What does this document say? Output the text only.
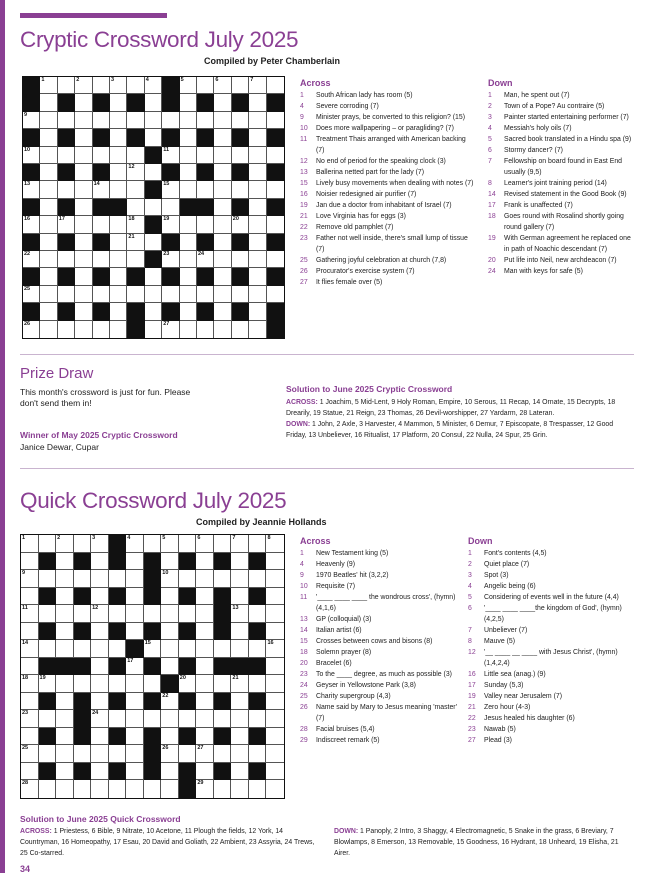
Cryptic Crossword July 2025
Compiled by Peter Chamberlain
1	2	3	4	5	6	7
8
9
10	11
12
13	14	15
16	17	18	19	20
21
22	23	24
25
26	27
Across
1	South African lady has room (5)
4	Severe corroding (7)
9	Minister prays, be converted to this religion? (15)
10	Does more wallpapering – or paragliding? (7)
11	Treatment Thais arranged with American backing (7)
12	No end of period for the speaking clock (3)
13	Ballerina netted part for the lady (7)
15	Lively busy movements when dealing with notes (7)
16	Noisier redesigned air purifier (7)
19	Jan due a doctor from inhabitant of Israel (7)
21	Love Virginia has for eggs (3)
22	Remove old pamphlet (7)
23	Father not well inside, there's small lump of tissue (7)
25	Gathering joyful celebration at church (7,8)
26	Procurator's exercise system (7)
27	It flies female over (5)
Down
1	Man, he spent out (7)
2	Town of a Pope? Au contraire (5)
3	Painter started entertaining performer (7)
4	Messiah's holy oils (7)
5	Sacred book translated in a Hindu spa (9)
6	Stormy dancer? (7)
7	Fellowship on board found in East End usually (9,5)
8	Learner's joint training period (14)
14	Revised statement in the Good Book (9)
17	Frank is unaffected (7)
18	Goes round with Rosalind shortly going round gallery (7)
19	With German agreement he replaced one in path of Noachic descendant (7)
20	Put life into Neil, new archdeacon (7)
24	Man with keys for safe (5)
Prize Draw
This month's crossword is just for fun. Please don't send them in!
Winner of May 2025 Cryptic Crossword
Janice Dewar, Cupar
Solution to June 2025 Cryptic Crossword
ACROSS: 1 Joachim, 5 Mid-Lent, 9 Holy Roman, Empire, 10 Serous, 11 Recap, 14 Ornate, 15 Decrypts, 18 Drearily, 19 Statue, 21 Reign, 23 Thomas, 26 Devil-worshipper, 27 Yardarm, 28 Lateran.
DOWN: 1 John, 2 Axle, 3 Harvester, 4 Mammon, 5 Minister, 6 Demur, 7 Episcopate, 8 Trespasser, 12 Good Friday, 13 Unbeliever, 16 Ritualist, 17 Platform, 20 Consul, 22 Nulla, 24 Spur, 25 Grin.
Quick Crossword July 2025
Compiled by Jeannie Hollands
1	2	3	4	5	6	7	8
9	10
11	12	13
14	15	16
17
18 19	20	21
22
23	24
25	26	27
28	29
Across
1	New Testament king (5)
4	Heavenly (9)
9	1970 Beatles' hit (3,2,2)
10	Requisite (7)
11	'____ ____ ____ the wondrous cross', (hymn) (4,1,6)
13	GP (colloquial) (3)
14	Italian artist (6)
15	Crosses between cows and bisons (8)
18	Solemn prayer (8)
20	Bracelet (6)
23	To the ____ degree, as much as possible (3)
24	Geyser in Yellowstone Park (3,8)
25	Charity supergroup (4,3)
26	Name said by Mary to Jesus meaning 'master' (7)
28	Facial bruises (5,4)
29	Indiscreet remark (5)
Down
1	Font's contents (4,5)
2	Quiet place (7)
3	Spot (3)
4	Angelic being (6)
5	Considering of events well in the future (4,4)
6	'____ ____ ____the kingdom of God', (hymn) (4,2,5)
7	Unbeliever (7)
8	Mauve (5)
12	'__ ____ __ ____ with Jesus Christ', (hymn) (1,4,2,4)
16	Little sea (anag.) (9)
17	Sunday (5,3)
19	Valley near Jerusalem (7)
21	Zero hour (4-3)
22	Jesus healed his daughter (6)
23	Nawab (5)
27	Plead (3)
Solution to June 2025 Quick Crossword
ACROSS: 1 Priestess, 6 Bible, 9 Nitrate, 10 Acetone, 11 Plough the fields, 12 York, 14 Countryman, 16 Homeopathy, 17 Esau, 20 David and Goliath, 22 Ambient, 23 Assyria, 24 Trews, 25 Co-starred.
DOWN: 1 Panoply, 2 Intro, 3 Shaggy, 4 Electromagnetic, 5 Snake in the grass, 6 Breviary, 7 Blowlamps, 8 Emerson, 13 Removable, 15 Goodness, 16 Hydrant, 18 Unheard, 19 Elisha, 21 Airer.
34
